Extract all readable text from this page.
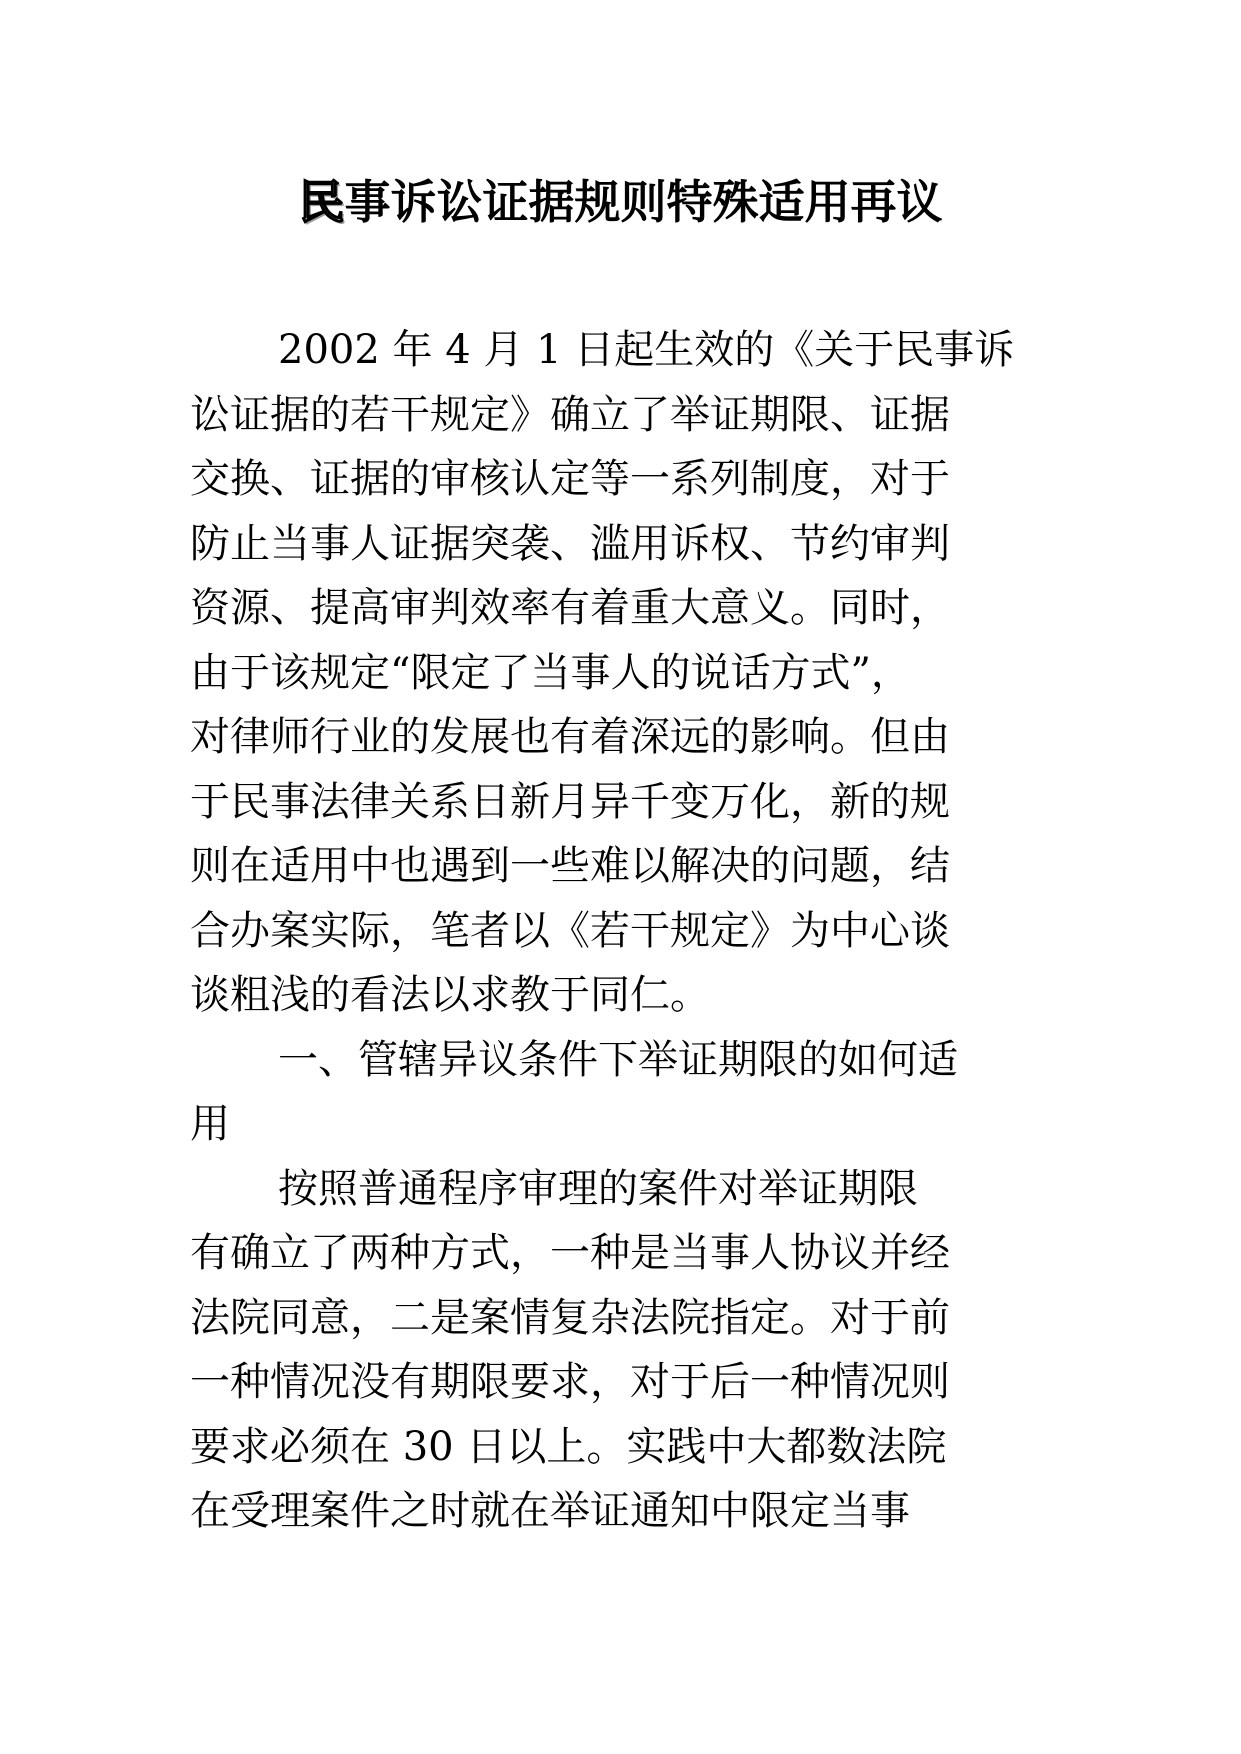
民事诉讼证据规则特殊适用再议
2002 年 4 月 1 日起生效的《关于民事诉
讼证据的若干规定》确立了举证期限、证据
交换、证据的审核认定等一系列制度，对于
防止当事人证据突袭、滥用诉权、节约审判
资源、提高审判效率有着重大意义。同时，
由于该规定“限定了当事人的说话方式”，
对律师行业的发展也有着深远的影响。但由
于民事法律关系日新月异千变万化，新的规
则在适用中也遇到一些难以解决的问题，结
合办案实际，笔者以《若干规定》为中心谈
谈粗浅的看法以求教于同仁。
一、管辖异议条件下举证期限的如何适
用
按照普通程序审理的案件对举证期限
有确立了两种方式，一种是当事人协议并经
法院同意，二是案情复杂法院指定。对于前
一种情况没有期限要求，对于后一种情况则
要求必须在 30 日以上。实践中大都数法院
在受理案件之时就在举证通知中限定当事
